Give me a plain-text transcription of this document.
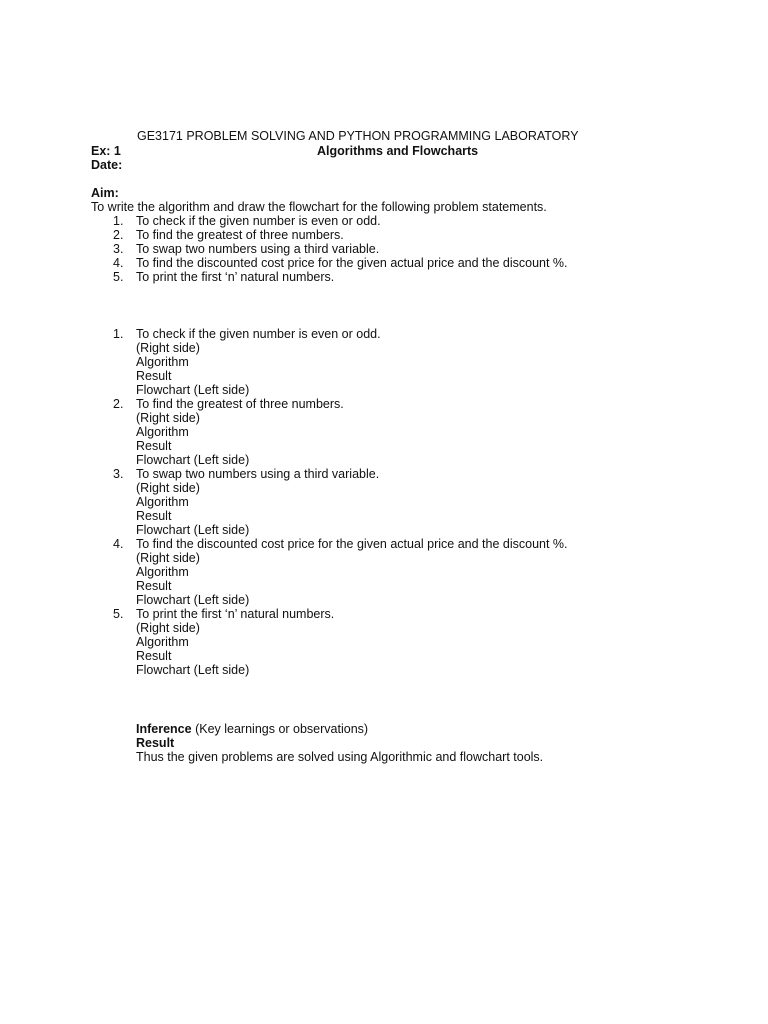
GE3171 PROBLEM SOLVING AND PYTHON PROGRAMMING LABORATORY
Ex: 1	Algorithms and Flowcharts
Date:
Aim:
To write the algorithm and draw the flowchart for the following problem statements.
1. To check if the given number is even or odd.
2. To find the greatest of three numbers.
3. To swap two numbers using a third variable.
4. To find the discounted cost price for the given actual price and the discount %.
5. To print the first ‘n’ natural numbers.
1. To check if the given number is even or odd.
(Right side)
Algorithm
Result
Flowchart (Left side)
2. To find the greatest of three numbers.
(Right side)
Algorithm
Result
Flowchart (Left side)
3. To swap two numbers using a third variable.
(Right side)
Algorithm
Result
Flowchart (Left side)
4. To find the discounted cost price for the given actual price and the discount %.
(Right side)
Algorithm
Result
Flowchart (Left side)
5. To print the first ‘n’ natural numbers.
(Right side)
Algorithm
Result
Flowchart (Left side)
Inference (Key learnings or observations)
Result
Thus the given problems are solved using Algorithmic and flowchart tools.
